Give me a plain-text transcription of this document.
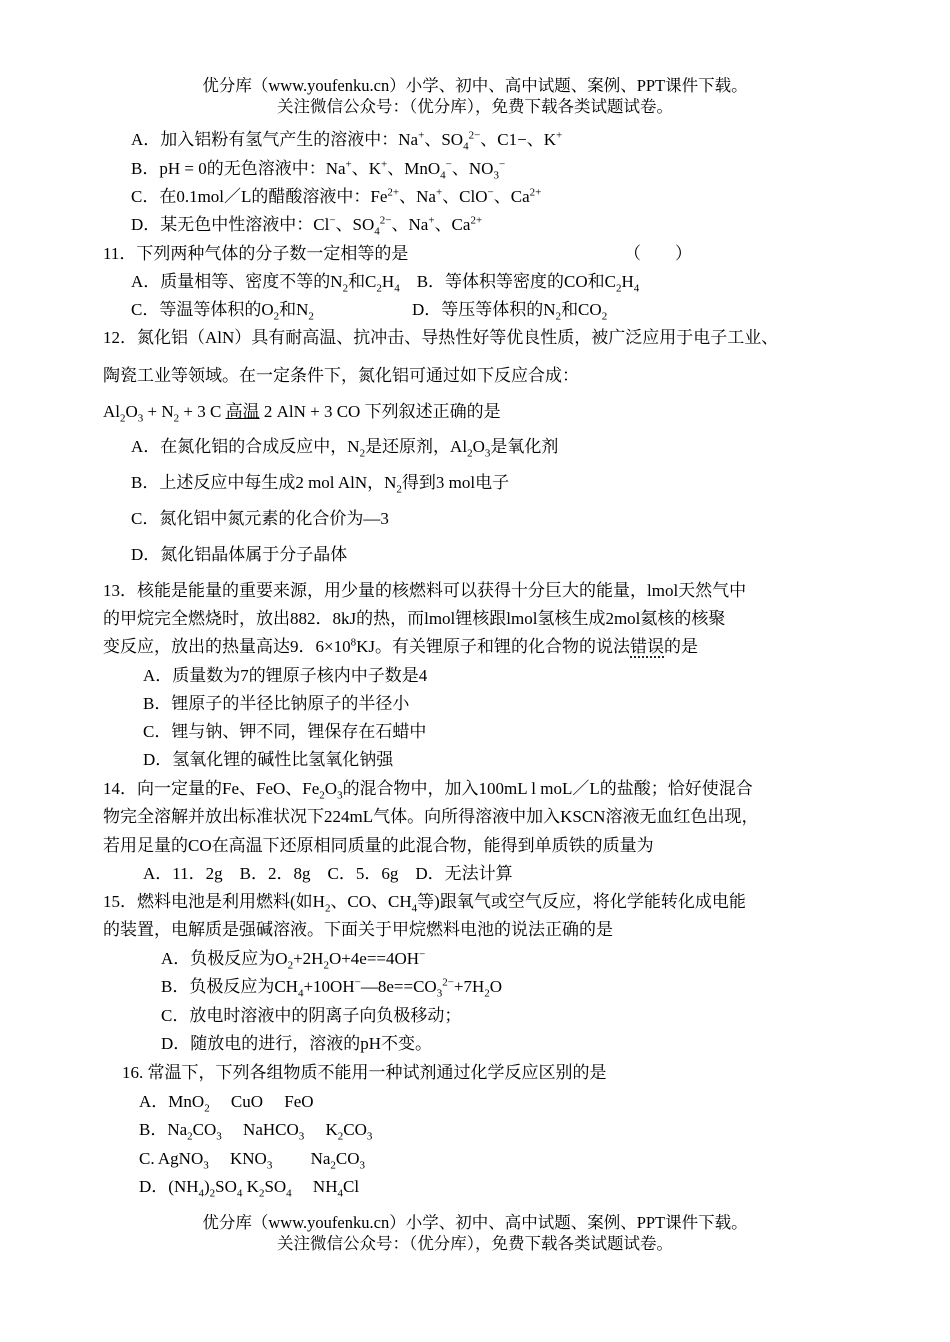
优分库（www.youfenku.cn）小学、初中、高中试题、案例、PPT课件下载。
关注微信公众号：（优分库），免费下载各类试题试卷。
A．加入铝粉有氢气产生的溶液中：Na+、$SO_4^{2-}$、C1−、K+
B．pH = 0的无色溶液中：Na+、K+、MnO$_4$−、$NO_3^-$
C．在0.1mol／L的醋酸溶液中：$Fe^{2+}$、Na+、ClO−、$Ca^{2+}$
D．某无色中性溶液中：Cl−、$SO_4^{2-}$、Na+、$Ca^{2+}$
11．下列两种气体的分子数一定相等的是	（　　）
A．质量相等、密度不等的$N_2$和$C_2H_4$　 B．等体积等密度的CO和$C_2H_4$
C．等温等体积的$O_2$和$N_2$	D．等压等体积的$N_2$和$CO_2$
12．氮化铝（AlN）具有耐高温、抗冲击、导热性好等优良性质，被广泛应用于电子工业、
陶瓷工业等领域。在一定条件下，氮化铝可通过如下反应合成：
$Al_2O_3 + N_2 + 3$ C 高温 2 AlN + 3 CO 下列叙述正确的是
A．在氮化铝的合成反应中，$N_2$是还原剂，$Al_2O_3$是氧化剂
B．上述反应中每生成2 mol AlN，$N_2$得到3 mol电子
C．氮化铝中氮元素的化合价为—3
D．氮化铝晶体属于分子晶体
13．核能是能量的重要来源，用少量的核燃料可以获得十分巨大的能量，lmol天然气中
的甲烷完全燃烧时，放出882．8kJ的热，而lmol锂核跟lmol氢核生成2mol氦核的核聚
变反应，放出的热量高达9．$6\times 10^8KJ$。有关锂原子和锂的化合物的说法错误的是
A．质量数为7的锂原子核内中子数是4
B．锂原子的半径比钠原子的半径小
C．锂与钠、钾不同，锂保存在石蜡中
D．氢氧化锂的碱性比氢氧化钠强
14．向一定量的Fe、FeO、$Fe_2O_3$的混合物中，加入100mL l moL／L的盐酸；恰好使混合
物完全溶解并放出标准状况下224mL气体。向所得溶液中加入KSCN溶液无血红色出现，
若用足量的CO在高温下还原相同质量的此混合物，能得到单质铁的质量为
A．11．2g　B．2．8g　C．5．6g　D．无法计算
15．燃料电池是利用燃料(如$H_2$、CO、$CH_4$等)跟氧气或空气反应，将化学能转化成电能
的装置，电解质是强碱溶液。下面关于甲烷燃料电池的说法正确的是
A．负极反应为$O_2+2H_2O+4e==4OH^-$
B．负极反应为$CH_4+10OH^-—8e==CO_3^{2-}+7H_2O$
C．放电时溶液中的阴离子向负极移动；
D．随放电的进行，溶液的pH不变。
16. 常温下，下列各组物质不能用一种试剂通过化学反应区别的是
A．MnO$_2$　 CuO　 FeO
B．$Na_2CO_3$　 NaHCO$_3$　 $K_2CO_3$
C. AgNO$_3$　 $KNO_3$　 　$Na_2CO_3$
D．$(NH_4)_2SO_4$ $K_2SO_4$　 $NH_4Cl$
优分库（www.youfenku.cn）小学、初中、高中试题、案例、PPT课件下载。
关注微信公众号：（优分库），免费下载各类试题试卷。
